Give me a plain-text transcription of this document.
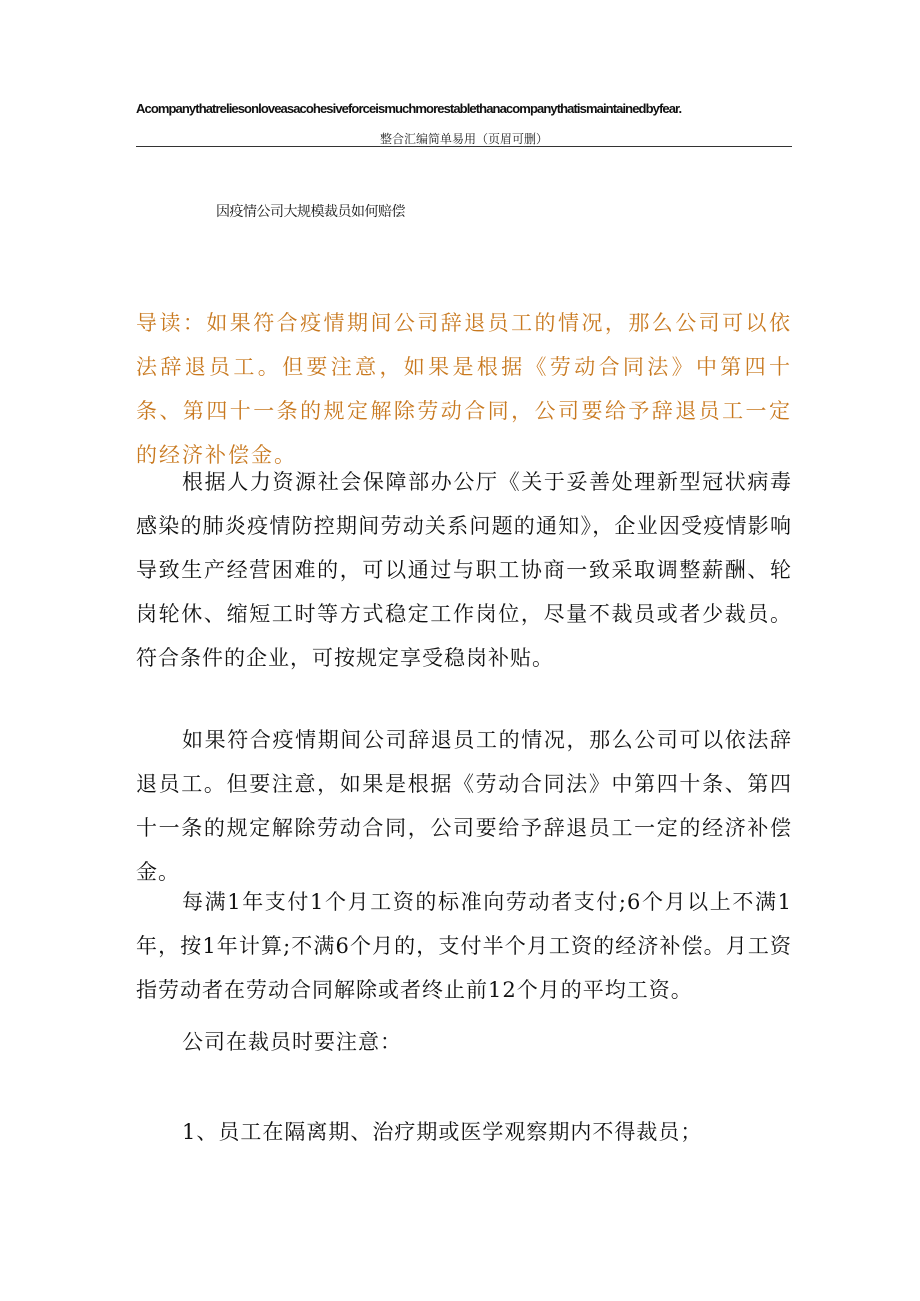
Acompanythatreliesonloveasacohesiveforceismuchmorestablethanacompanythatismaintainedbyfear.
整合汇编简单易用（页眉可删）
因疫情公司大规模裁员如何赔偿

导读：如果符合疫情期间公司辞退员工的情况，那么公司可以依法辞退员工。但要注意，如果是根据《劳动合同法》中第四十条、第四十一条的规定解除劳动合同，公司要给予辞退员工一定的经济补偿金。

根据人力资源社会保障部办公厅《关于妥善处理新型冠状病毒感染的肺炎疫情防控期间劳动关系问题的通知》，企业因受疫情影响导致生产经营困难的，可以通过与职工协商一致采取调整薪酬、轮岗轮休、缩短工时等方式稳定工作岗位，尽量不裁员或者少裁员。符合条件的企业，可按规定享受稳岗补贴。

如果符合疫情期间公司辞退员工的情况，那么公司可以依法辞退员工。但要注意，如果是根据《劳动合同法》中第四十条、第四十一条的规定解除劳动合同，公司要给予辞退员工一定的经济补偿金。

每满1年支付1个月工资的标准向劳动者支付;6个月以上不满1年，按1年计算;不满6个月的，支付半个月工资的经济补偿。月工资指劳动者在劳动合同解除或者终止前12个月的平均工资。

公司在裁员时要注意：

1、员工在隔离期、治疗期或医学观察期内不得裁员；
